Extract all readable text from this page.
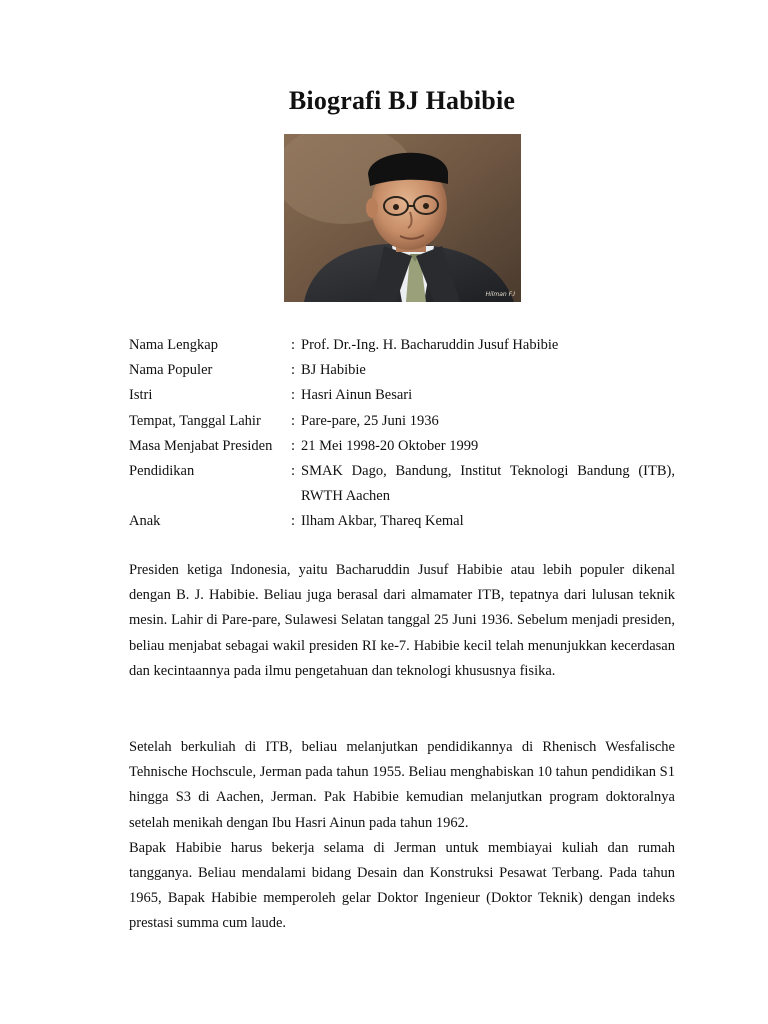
Biografi BJ Habibie
Hilman F.I
Nama Lengkap	: Prof. Dr.-Ing. H. Bacharuddin Jusuf Habibie
Nama Populer	: BJ Habibie
Istri	: Hasri Ainun Besari
Tempat, Tanggal Lahir	: Pare-pare, 25 Juni 1936
Masa Menjabat Presiden	: 21 Mei 1998-20 Oktober 1999
Pendidikan	: SMAK Dago, Bandung, Institut Teknologi Bandung (ITB), RWTH Aachen
Anak	: Ilham Akbar, Thareq Kemal

Presiden ketiga Indonesia, yaitu Bacharuddin Jusuf Habibie atau lebih populer dikenal dengan B. J. Habibie. Beliau juga berasal dari almamater ITB, tepatnya dari lulusan teknik mesin. Lahir di Pare-pare, Sulawesi Selatan tanggal 25 Juni 1936. Sebelum menjadi presiden, beliau menjabat sebagai wakil presiden RI ke-7. Habibie kecil telah menunjukkan kecerdasan dan kecintaannya pada ilmu pengetahuan dan teknologi khususnya fisika.

Setelah berkuliah di ITB, beliau melanjutkan pendidikannya di Rhenisch Wesfalische Tehnische Hochscule, Jerman pada tahun 1955. Beliau menghabiskan 10 tahun pendidikan S1 hingga S3 di Aachen, Jerman. Pak Habibie kemudian melanjutkan program doktoralnya setelah menikah dengan Ibu Hasri Ainun pada tahun 1962.

Bapak Habibie harus bekerja selama di Jerman untuk membiayai kuliah dan rumah tangganya. Beliau mendalami bidang Desain dan Konstruksi Pesawat Terbang. Pada tahun 1965, Bapak Habibie memperoleh gelar Doktor Ingenieur (Doktor Teknik) dengan indeks prestasi summa cum laude.
